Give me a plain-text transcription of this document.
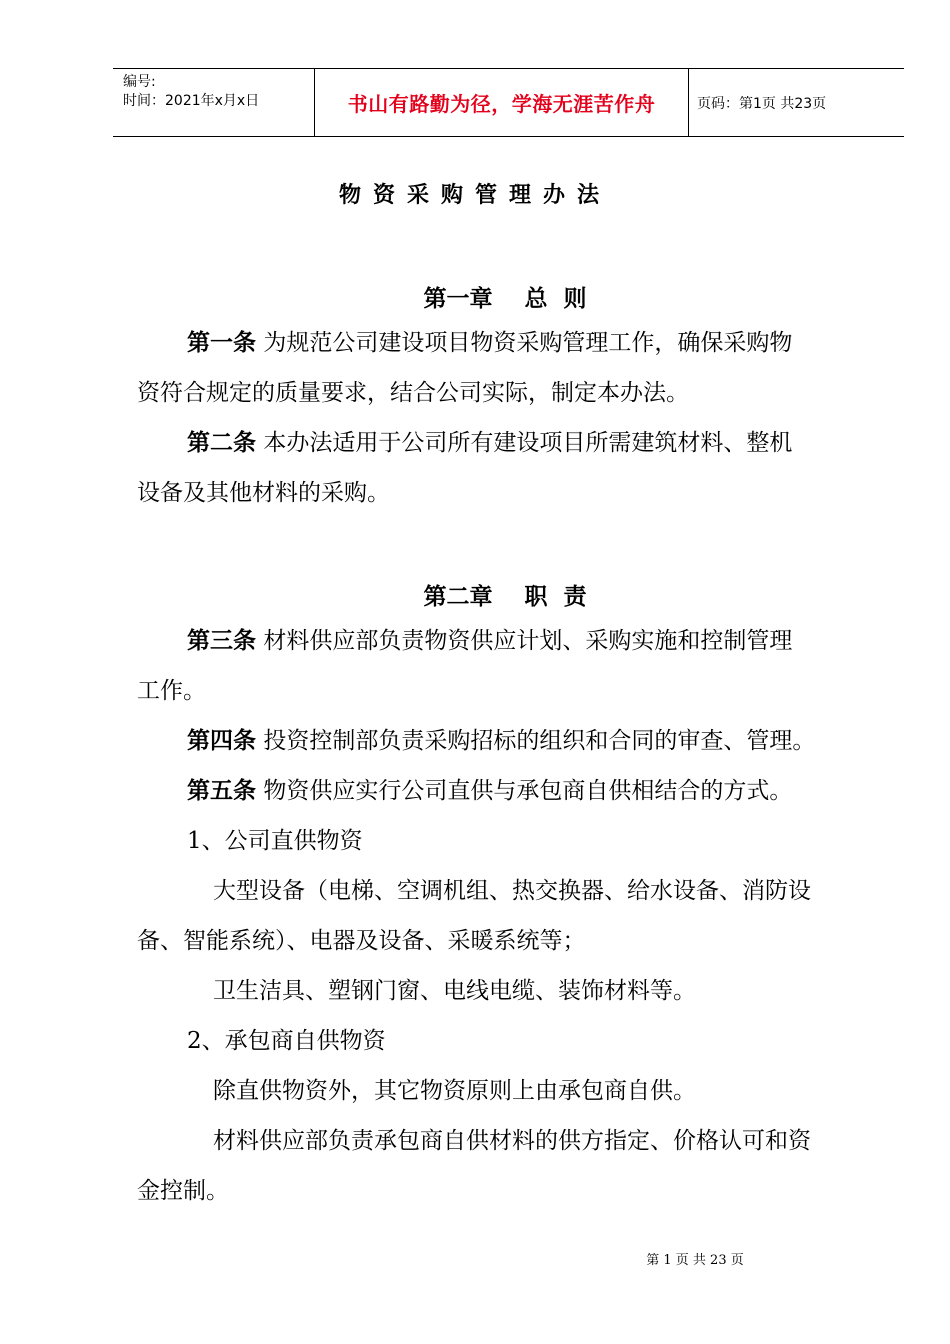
编号:
时间：2021年x月x日	书山有路勤为径，学海无涯苦作舟	页码：第1页 共23页
物资采购管理办法
第一章    总  则
第一条 为规范公司建设项目物资采购管理工作，确保采购物
资符合规定的质量要求，结合公司实际，制定本办法。
第二条 本办法适用于公司所有建设项目所需建筑材料、整机
设备及其他材料的采购。
第二章    职  责
第三条 材料供应部负责物资供应计划、采购实施和控制管理
工作。
第四条 投资控制部负责采购招标的组织和合同的审查、管理。
第五条 物资供应实行公司直供与承包商自供相结合的方式。
1、公司直供物资
大型设备（电梯、空调机组、热交换器、给水设备、消防设
备、智能系统）、电器及设备、采暖系统等；
卫生洁具、塑钢门窗、电线电缆、装饰材料等。
2、承包商自供物资
除直供物资外，其它物资原则上由承包商自供。
材料供应部负责承包商自供材料的供方指定、价格认可和资
金控制。
第 1 页 共 23 页
